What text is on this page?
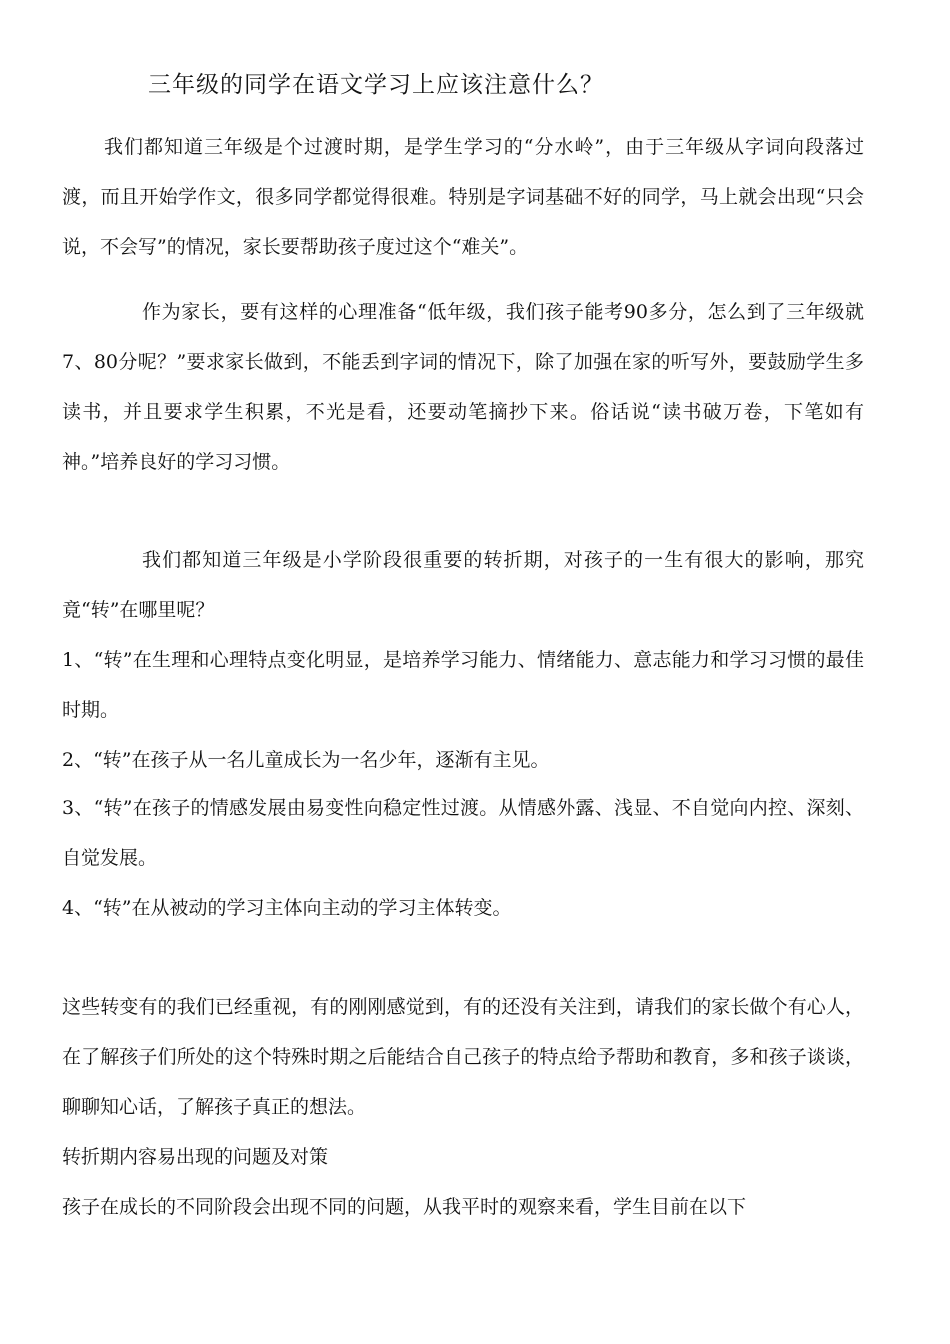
三年级的同学在语文学习上应该注意什么？

我们都知道三年级是个过渡时期，是学生学习的“分水岭”，由于三年级从字词向段落过渡，而且开始学作文，很多同学都觉得很难。特别是字词基础不好的同学，马上就会出现“只会说，不会写”的情况，家长要帮助孩子度过这个“难关”。

作为家长，要有这样的心理准备“低年级，我们孩子能考90多分，怎么到了三年级就7、80分呢？”要求家长做到，不能丢到字词的情况下，除了加强在家的听写外，要鼓励学生多读书，并且要求学生积累，不光是看，还要动笔摘抄下来。俗话说“读书破万卷，下笔如有神。”培养良好的学习习惯。

我们都知道三年级是小学阶段很重要的转折期，对孩子的一生有很大的影响，那究竟“转”在哪里呢？

1、“转”在生理和心理特点变化明显，是培养学习能力、情绪能力、意志能力和学习习惯的最佳时期。

2、“转”在孩子从一名儿童成长为一名少年，逐渐有主见。

3、“转”在孩子的情感发展由易变性向稳定性过渡。从情感外露、浅显、不自觉向内控、深刻、自觉发展。

4、“转”在从被动的学习主体向主动的学习主体转变。

这些转变有的我们已经重视，有的刚刚感觉到，有的还没有关注到，请我们的家长做个有心人，在了解孩子们所处的这个特殊时期之后能结合自己孩子的特点给予帮助和教育，多和孩子谈谈，聊聊知心话，了解孩子真正的想法。

转折期内容易出现的问题及对策
孩子在成长的不同阶段会出现不同的问题，从我平时的观察来看，学生目前在以下
